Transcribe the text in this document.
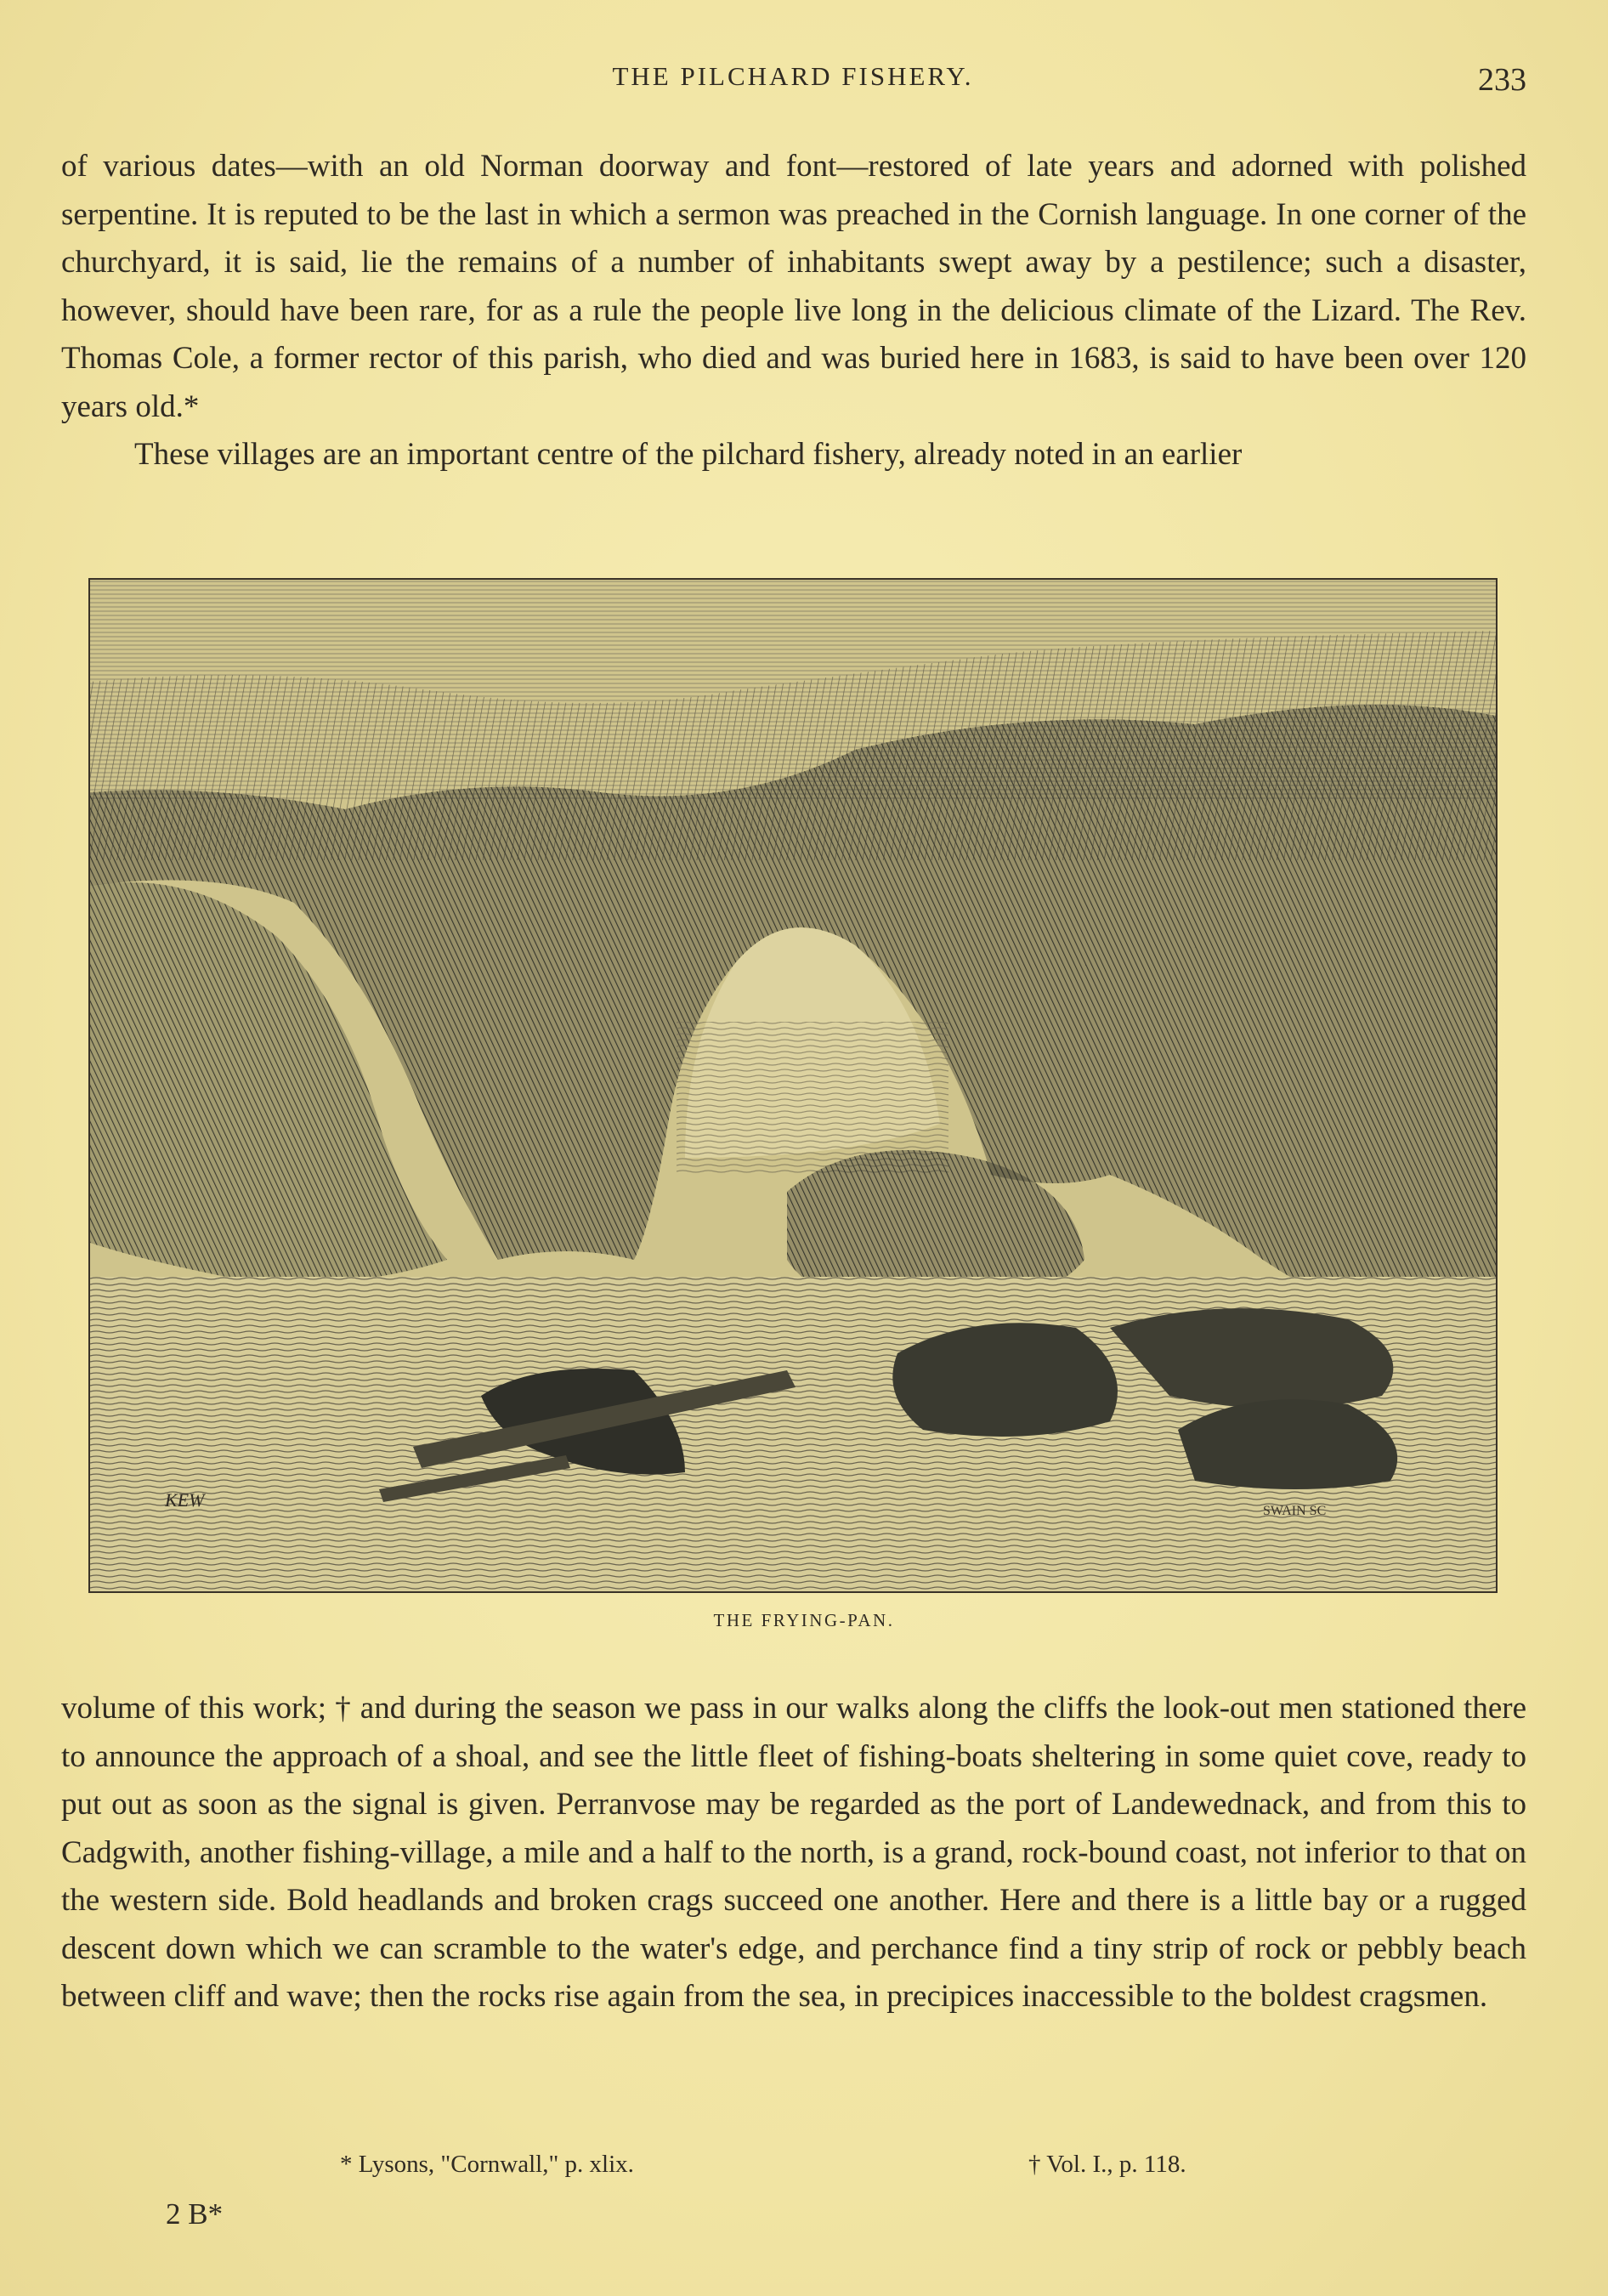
THE PILCHARD FISHERY.	233

of various dates—with an old Norman doorway and font—restored of late years and adorned with polished serpentine. It is reputed to be the last in which a sermon was preached in the Cornish language. In one corner of the churchyard, it is said, lie the remains of a number of inhabitants swept away by a pestilence; such a disaster, however, should have been rare, for as a rule the people live long in the delicious climate of the Lizard. The Rev. Thomas Cole, a former rector of this parish, who died and was buried here in 1683, is said to have been over 120 years old.*

These villages are an important centre of the pilchard fishery, already noted in an earlier

KEW
SWAIN SC
THE FRYING-PAN.

volume of this work; † and during the season we pass in our walks along the cliffs the look-out men stationed there to announce the approach of a shoal, and see the little fleet of fishing-boats sheltering in some quiet cove, ready to put out as soon as the signal is given. Perranvose may be regarded as the port of Landewednack, and from this to Cadgwith, another fishing-village, a mile and a half to the north, is a grand, rock-bound coast, not inferior to that on the western side. Bold headlands and broken crags succeed one another. Here and there is a little bay or a rugged descent down which we can scramble to the water's edge, and perchance find a tiny strip of rock or pebbly beach between cliff and wave; then the rocks rise again from the sea, in precipices inaccessible to the boldest cragsmen.

* Lysons, "Cornwall," p. xlix.	† Vol. I., p. 118.
2 B*
